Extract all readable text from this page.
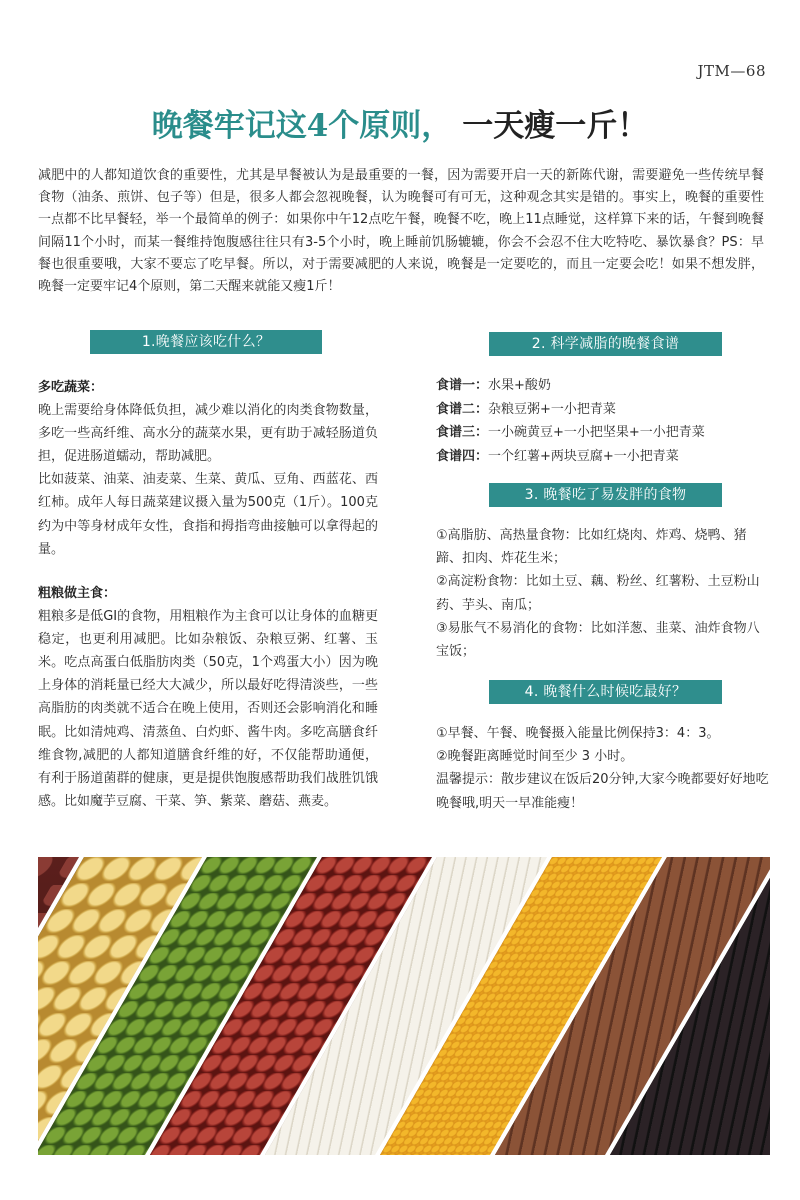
JTM—68
晚餐牢记这4个原则， 一天瘦一斤！

减肥中的人都知道饮食的重要性，尤其是早餐被认为是最重要的一餐，因为需要开启一天的新陈代谢，需要避免一些传统早餐食物（油条、煎饼、包子等）但是，很多人都会忽视晚餐，认为晚餐可有可无，这种观念其实是错的。事实上，晚餐的重要性一点都不比早餐轻，举一个最简单的例子：如果你中午12点吃午餐，晚餐不吃，晚上11点睡觉，这样算下来的话，午餐到晚餐间隔11个小时，而某一餐维持饱腹感往往只有3-5个小时，晚上睡前饥肠辘辘，你会不会忍不住大吃特吃、暴饮暴食？PS：早餐也很重要哦，大家不要忘了吃早餐。所以，对于需要减肥的人来说，晚餐是一定要吃的，而且一定要会吃！如果不想发胖，晚餐一定要牢记4个原则，第二天醒来就能又瘦1斤！

1.晚餐应该吃什么？

多吃蔬菜：

晚上需要给身体降低负担，减少难以消化的肉类食物数量，多吃一些高纤维、高水分的蔬菜水果，更有助于减轻肠道负担，促进肠道蠕动，帮助减肥。

比如菠菜、油菜、油麦菜、生菜、黄瓜、豆角、西蓝花、西红柿。成年人每日蔬菜建议摄入量为500克（1斤）。100克约为中等身材成年女性，食指和拇指弯曲接触可以拿得起的量。

粗粮做主食：

粗粮多是低GI的食物，用粗粮作为主食可以让身体的血糖更稳定，也更利用减肥。比如杂粮饭、杂粮豆粥、红薯、玉米。吃点高蛋白低脂肪肉类（50克，1个鸡蛋大小）因为晚上身体的消耗量已经大大减少，所以最好吃得清淡些，一些高脂肪的肉类就不适合在晚上使用，否则还会影响消化和睡眠。比如清炖鸡、清蒸鱼、白灼虾、酱牛肉。多吃高膳食纤维食物,减肥的人都知道膳食纤维的好，不仅能帮助通便，有利于肠道菌群的健康，更是提供饱腹感帮助我们战胜饥饿感。比如魔芋豆腐、干菜、笋、紫菜、蘑菇、燕麦。

2. 科学减脂的晚餐食谱
食谱一：水果+酸奶
食谱二：杂粮豆粥+一小把青菜
食谱三：一小碗黄豆+一小把坚果+一小把青菜
食谱四：一个红薯+两块豆腐+一小把青菜
3. 晚餐吃了易发胖的食物

①高脂肪、高热量食物：比如红烧肉、炸鸡、烧鸭、猪蹄、扣肉、炸花生米；

②高淀粉食物：比如土豆、藕、粉丝、红薯粉、土豆粉山药、芋头、南瓜；

③易胀气不易消化的食物：比如洋葱、韭菜、油炸食物八宝饭；

4. 晚餐什么时候吃最好？

①早餐、午餐、晚餐摄入能量比例保持3：4：3。

②晚餐距离睡觉时间至少 3 小时。

温馨提示：散步建议在饭后20分钟,大家今晚都要好好地吃晚餐哦,明天一早准能瘦！
